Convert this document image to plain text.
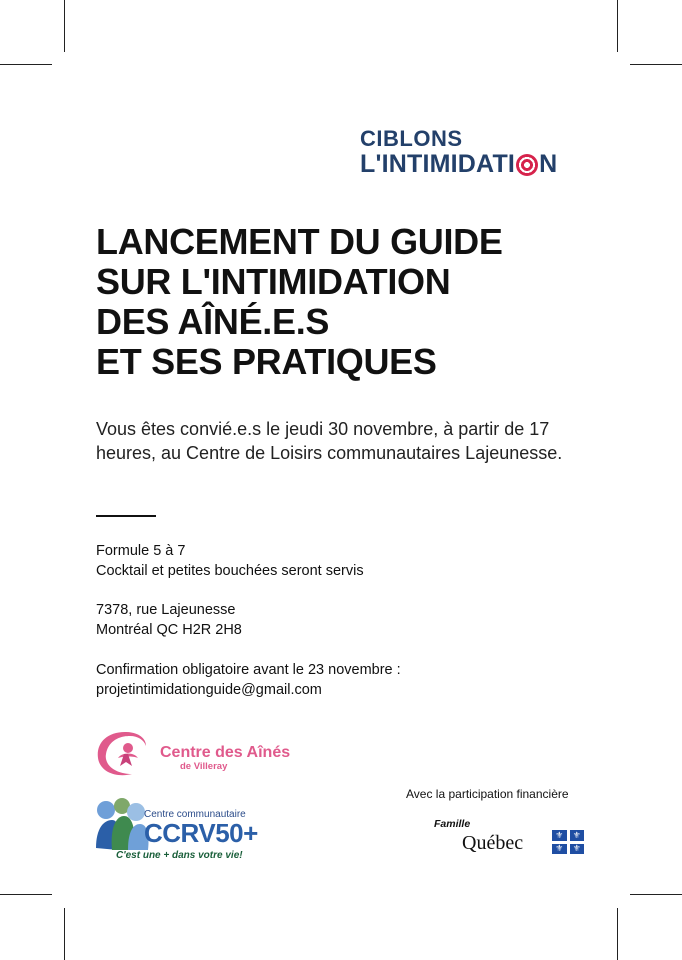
CIBLONS
L'INTIMIDATI N
LANCEMENT DU GUIDE
SUR L'INTIMIDATION
DES AÎNÉ.E.S
ET SES PRATIQUES
Vous êtes convié.e.s le jeudi 30 novembre, à partir de 17 heures, au Centre de Loisirs communautaires Lajeunesse.
Formule 5 à 7
Cocktail et petites bouchées seront servis
7378, rue Lajeunesse
Montréal QC H2R 2H8
Confirmation obligatoire avant le 23 novembre :
projetintimidationguide@gmail.com
Centre des Aînés
de Villeray
Centre communautaire
CCRV50+
C'est une + dans votre vie!
Avec la participation financière
Famille
Québec	⚜	⚜
⚜	⚜
